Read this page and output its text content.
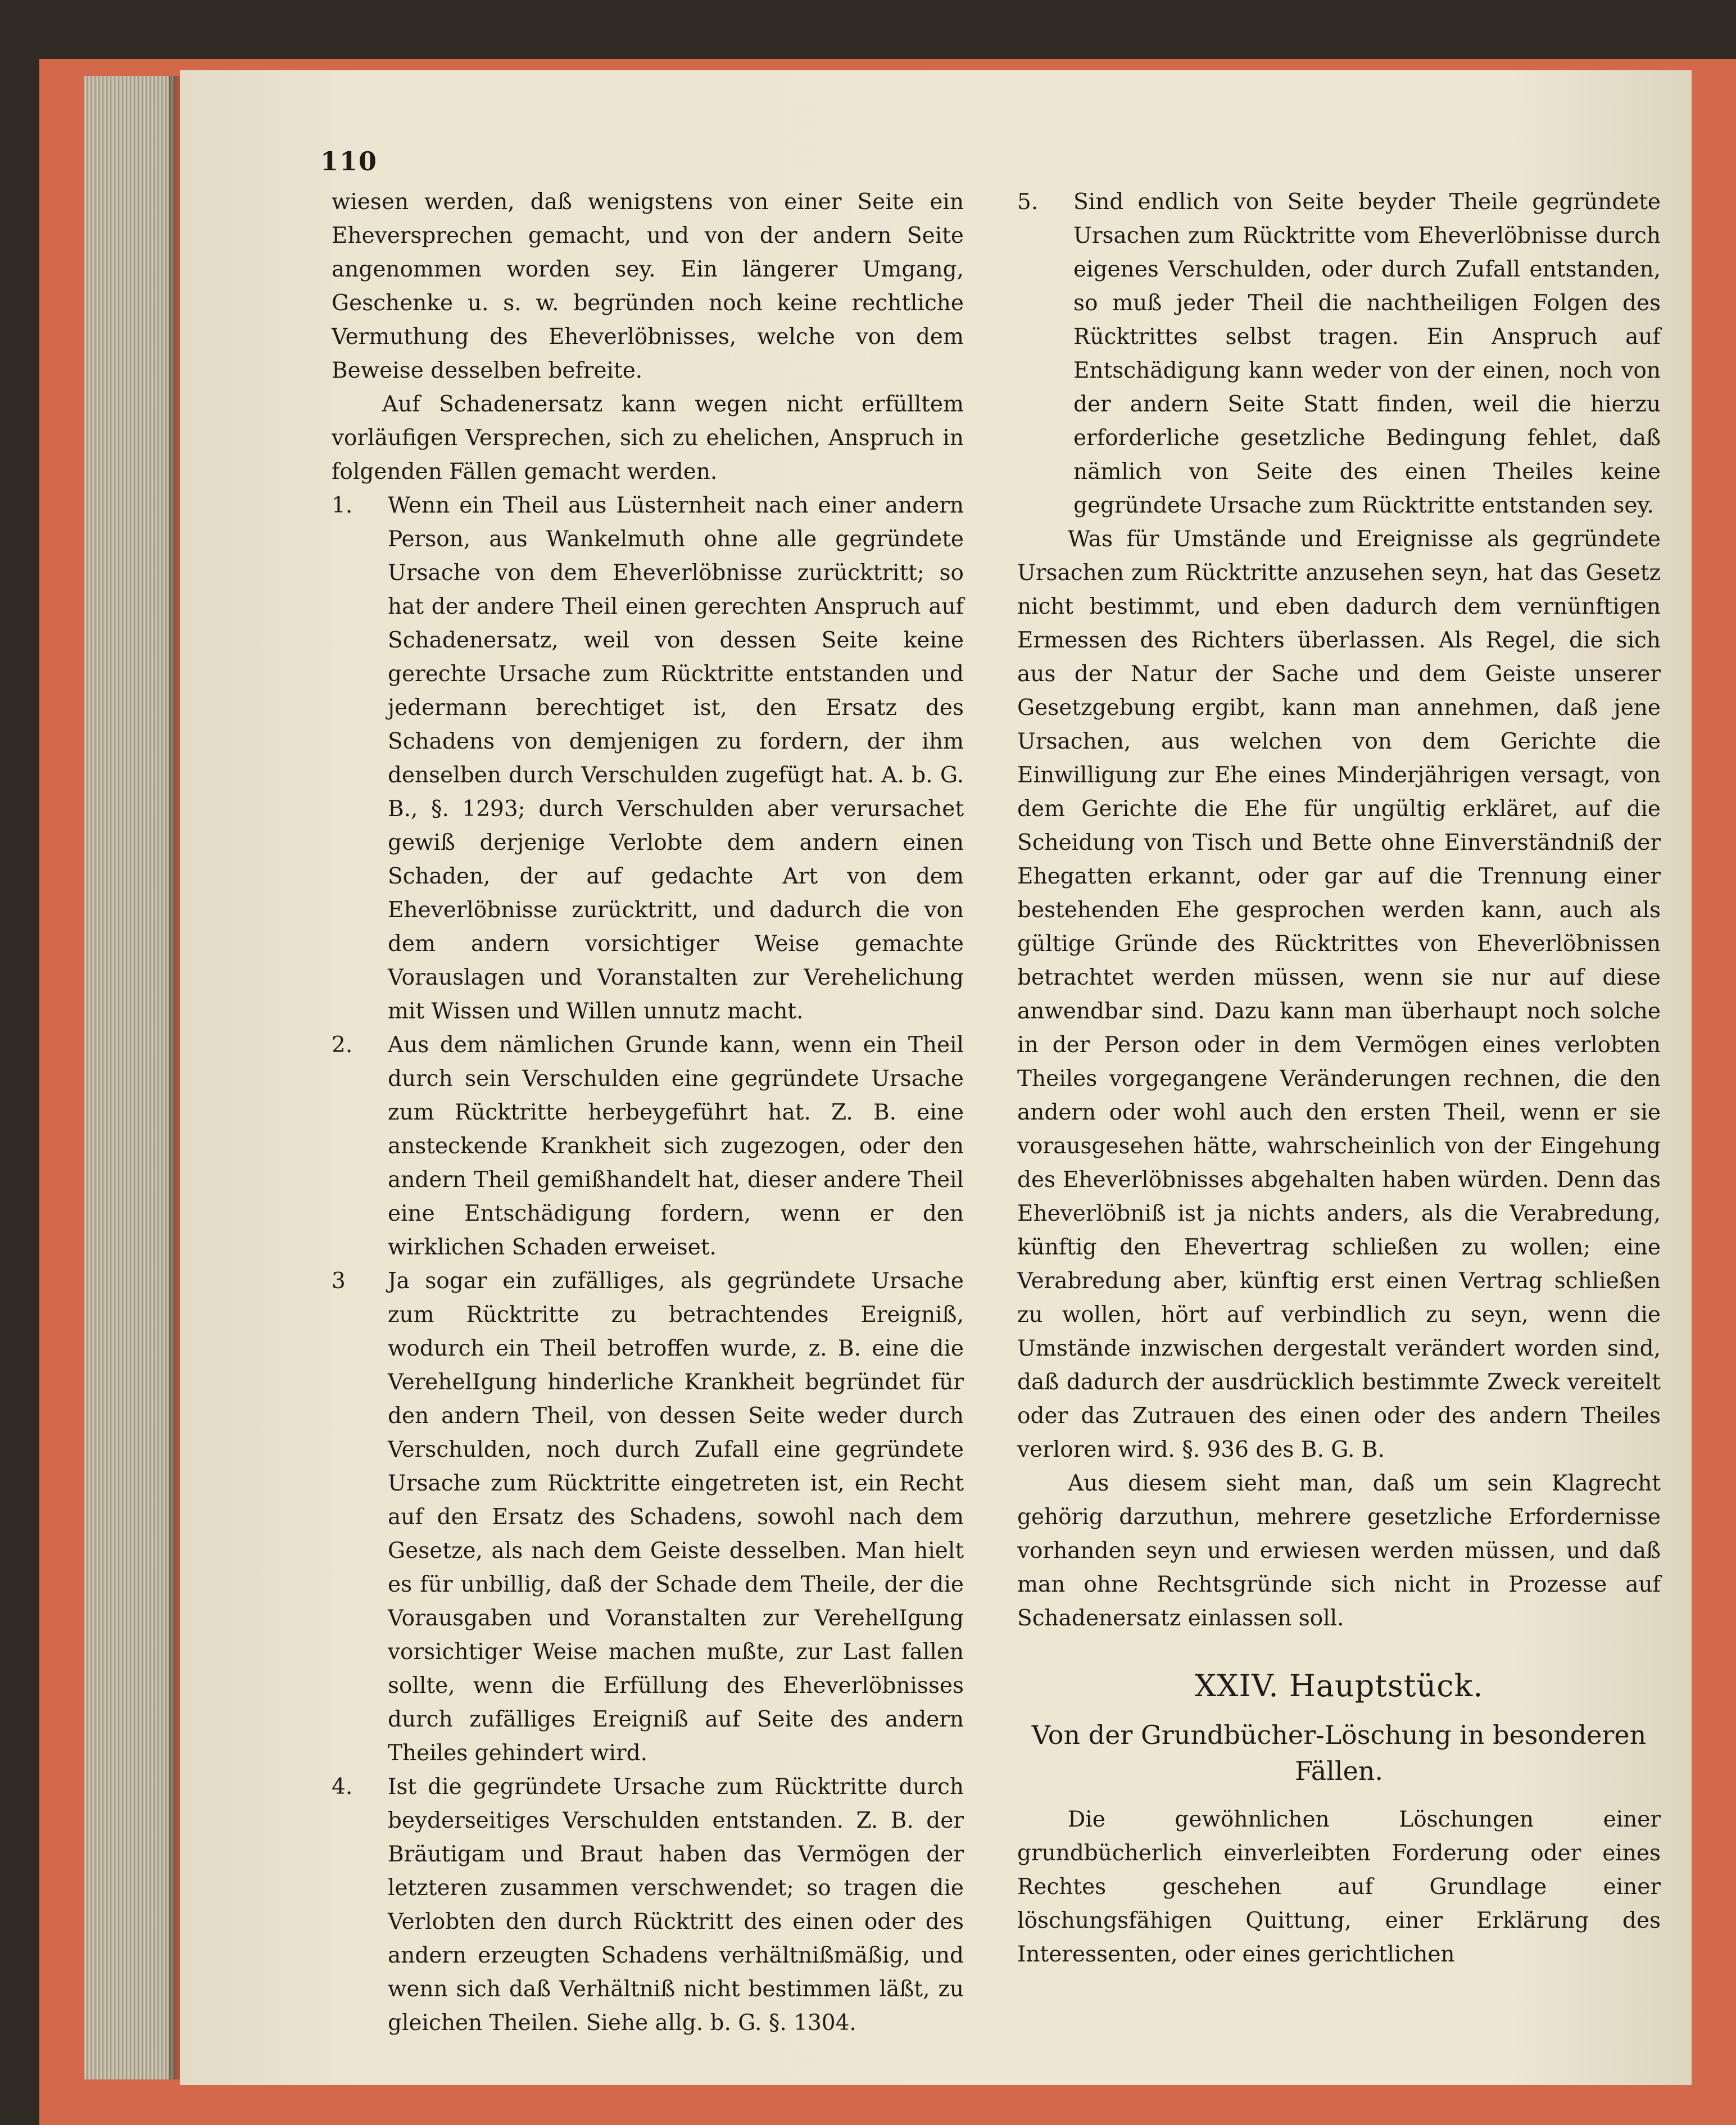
110

wiesen werden, daß wenigstens von einer Seite ein Eheversprechen gemacht, und von der andern Seite angenommen worden sey. Ein längerer Umgang, Geschenke u. s. w. begründen noch keine rechtliche Vermuthung des Eheverlöbnisses, welche von dem Beweise desselben befreite.

Auf Schadenersatz kann wegen nicht erfülltem vorläufigen Versprechen, sich zu ehelichen, Anspruch in folgenden Fällen gemacht werden.

1. Wenn ein Theil aus Lüsternheit nach einer andern Person, aus Wankelmuth ohne alle gegründete Ursache von dem Eheverlöbnisse zurücktritt; so hat der andere Theil einen gerechten Anspruch auf Schadenersatz, weil von dessen Seite keine gerechte Ursache zum Rücktritte entstanden und jedermann berechtiget ist, den Ersatz des Schadens von demjenigen zu fordern, der ihm denselben durch Verschulden zugefügt hat. A. b. G. B., §. 1293; durch Verschulden aber verursachet gewiß derjenige Verlobte dem andern einen Schaden, der auf gedachte Art von dem Eheverlöbnisse zurücktritt, und dadurch die von dem andern vorsichtiger Weise gemachte Vorauslagen und Voranstalten zur Verehelichung mit Wissen und Willen unnutz macht.
2. Aus dem nämlichen Grunde kann, wenn ein Theil durch sein Verschulden eine gegründete Ursache zum Rücktritte herbeygeführt hat. Z. B. eine ansteckende Krankheit sich zugezogen, oder den andern Theil gemißhandelt hat, dieser andere Theil eine Entschädigung fordern, wenn er den wirklichen Schaden erweiset.
3 Ja sogar ein zufälliges, als gegründete Ursache zum Rücktritte zu betrachtendes Ereigniß, wodurch ein Theil betroffen wurde, z. B. eine die VerehelIgung hinderliche Krankheit begründet für den andern Theil, von dessen Seite weder durch Verschulden, noch durch Zufall eine gegründete Ursache zum Rücktritte eingetreten ist, ein Recht auf den Ersatz des Schadens, sowohl nach dem Gesetze, als nach dem Geiste desselben. Man hielt es für unbillig, daß der Schade dem Theile, der die Vorausgaben und Voranstalten zur VerehelIgung vorsichtiger Weise machen mußte, zur Last fallen sollte, wenn die Erfüllung des Eheverlöbnisses durch zufälliges Ereigniß auf Seite des andern Theiles gehindert wird.
4. Ist die gegründete Ursache zum Rücktritte durch beyderseitiges Verschulden entstanden. Z. B. der Bräutigam und Braut haben das Vermögen der letzteren zusammen verschwendet; so tragen die Verlobten den durch Rücktritt des einen oder des andern erzeugten Schadens verhältnißmäßig, und wenn sich daß Verhältniß nicht bestimmen läßt, zu gleichen Theilen. Siehe allg. b. G. §. 1304.
5. Sind endlich von Seite beyder Theile gegründete Ursachen zum Rücktritte vom Eheverlöbnisse durch eigenes Verschulden, oder durch Zufall entstanden, so muß jeder Theil die nachtheiligen Folgen des Rücktrittes selbst tragen. Ein Anspruch auf Entschädigung kann weder von der einen, noch von der andern Seite Statt finden, weil die hierzu erforderliche gesetzliche Bedingung fehlet, daß nämlich von Seite des einen Theiles keine gegründete Ursache zum Rücktritte entstanden sey.

Was für Umstände und Ereignisse als gegründete Ursachen zum Rücktritte anzusehen seyn, hat das Gesetz nicht bestimmt, und eben dadurch dem vernünftigen Ermessen des Richters überlassen. Als Regel, die sich aus der Natur der Sache und dem Geiste unserer Gesetzgebung ergibt, kann man annehmen, daß jene Ursachen, aus welchen von dem Gerichte die Einwilligung zur Ehe eines Minderjährigen versagt, von dem Gerichte die Ehe für ungültig erkläret, auf die Scheidung von Tisch und Bette ohne Einverständniß der Ehegatten erkannt, oder gar auf die Trennung einer bestehenden Ehe gesprochen werden kann, auch als gültige Gründe des Rücktrittes von Eheverlöbnissen betrachtet werden müssen, wenn sie nur auf diese anwendbar sind. Dazu kann man überhaupt noch solche in der Person oder in dem Vermögen eines verlobten Theiles vorgegangene Veränderungen rechnen, die den andern oder wohl auch den ersten Theil, wenn er sie vorausgesehen hätte, wahrscheinlich von der Eingehung des Eheverlöbnisses abgehalten haben würden. Denn das Eheverlöbniß ist ja nichts anders, als die Verabredung, künftig den Ehevertrag schließen zu wollen; eine Verabredung aber, künftig erst einen Vertrag schließen zu wollen, hört auf verbindlich zu seyn, wenn die Umstände inzwischen dergestalt verändert worden sind, daß dadurch der ausdrücklich bestimmte Zweck vereitelt oder das Zutrauen des einen oder des andern Theiles verloren wird. §. 936 des B. G. B.

Aus diesem sieht man, daß um sein Klagrecht gehörig darzuthun, mehrere gesetzliche Erfordernisse vorhanden seyn und erwiesen werden müssen, und daß man ohne Rechtsgründe sich nicht in Prozesse auf Schadenersatz einlassen soll.

XXIV. Hauptstück.
Von der Grundbücher-Löschung in besonderen Fällen.

Die gewöhnlichen Löschungen einer grundbücherlich einverleibten Forderung oder eines Rechtes geschehen auf Grundlage einer löschungsfähigen Quittung, einer Erklärung des Interessenten, oder eines gerichtlichen
